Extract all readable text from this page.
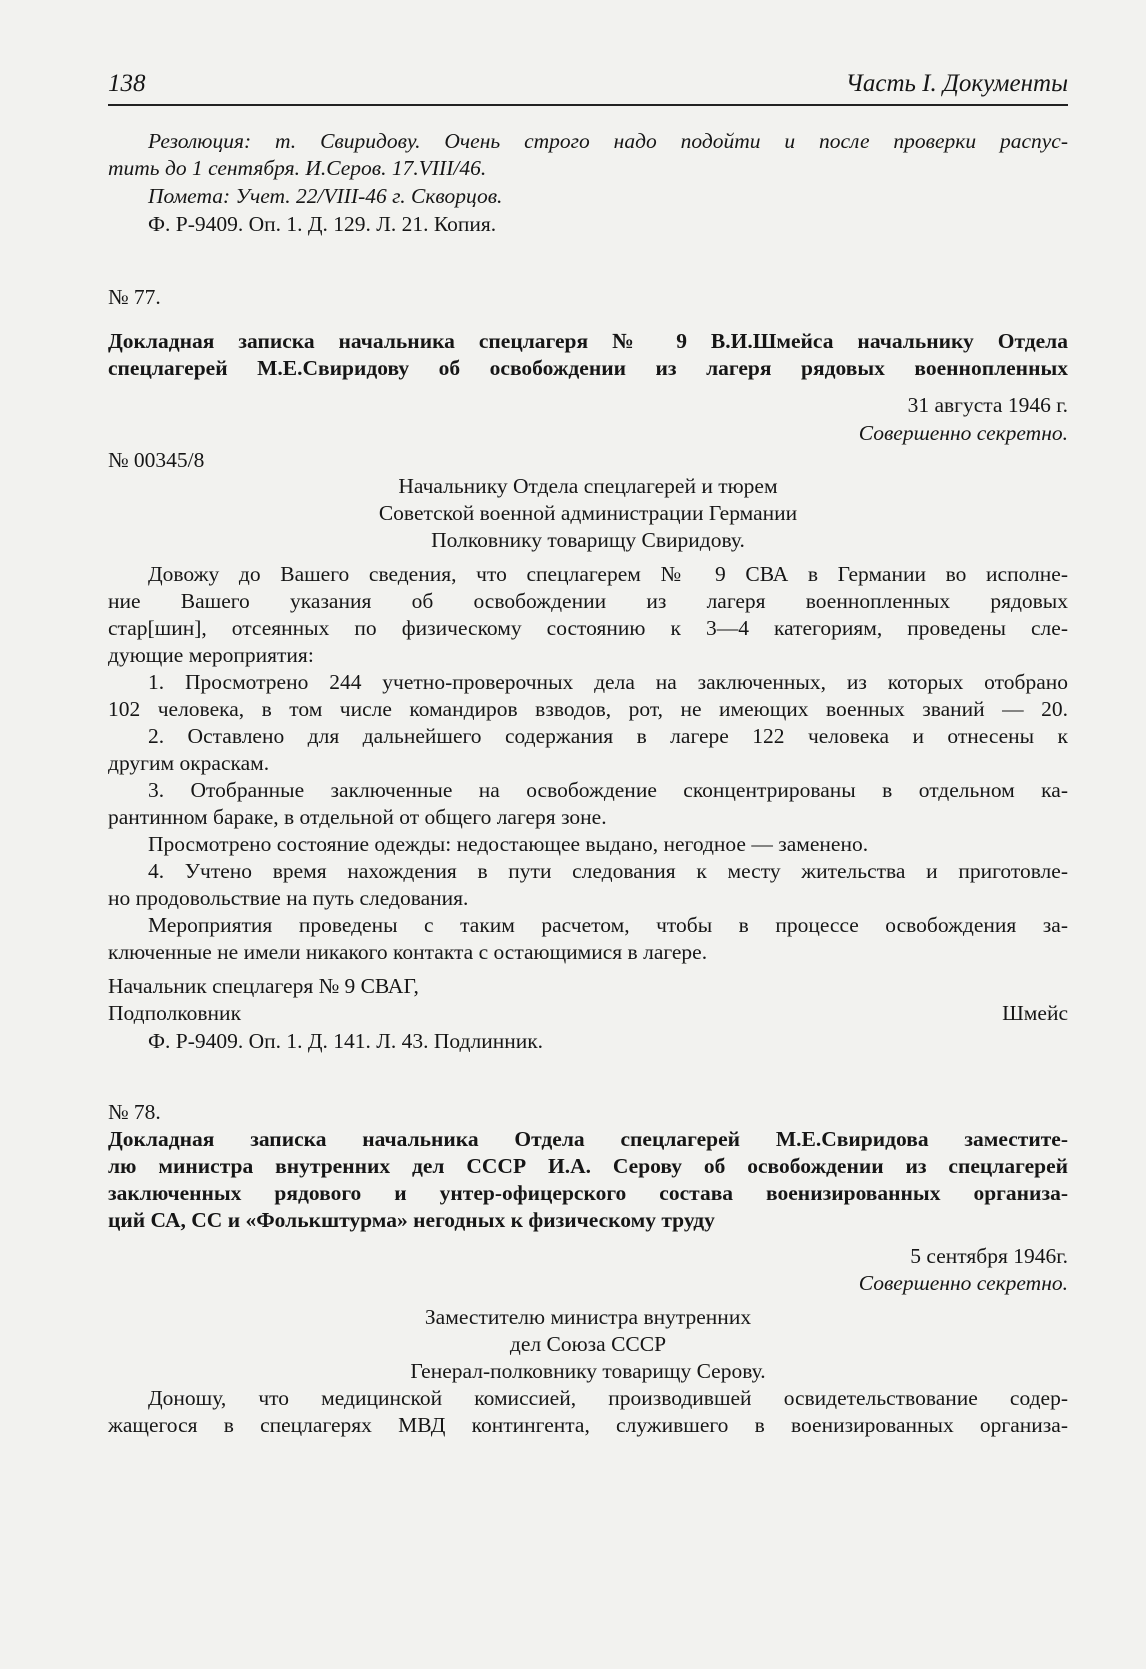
138	Часть I. Документы
Резолюция: т. Свиридову. Очень строго надо подойти и после проверки распус-
тить до 1 сентября. И.Серов. 17.VIII/46.
Помета: Учет. 22/VIII-46 г. Скворцов.
Ф. Р-9409. Оп. 1. Д. 129. Л. 21. Копия.
№ 77.
Докладная записка начальника спецлагеря № 9 В.И.Шмейса начальнику Отдела
спецлагерей М.Е.Свиридову об освобождении из лагеря рядовых военнопленных
31 августа 1946 г.
Совершенно секретно.
№ 00345/8
Начальнику Отдела спецлагерей и тюрем
Советской военной администрации Германии
Полковнику товарищу Свиридову.
Довожу до Вашего сведения, что спецлагерем № 9 СВА в Германии во исполне-
ние Вашего указания об освобождении из лагеря военнопленных рядовых
стар[шин], отсеянных по физическому состоянию к 3—4 категориям, проведены сле-
дующие мероприятия:
1. Просмотрено 244 учетно-проверочных дела на заключенных, из которых отобрано
102 человека, в том числе командиров взводов, рот, не имеющих военных званий — 20.
2. Оставлено для дальнейшего содержания в лагере 122 человека и отнесены к
другим окраскам.
3. Отобранные заключенные на освобождение сконцентрированы в отдельном ка-
рантинном бараке, в отдельной от общего лагеря зоне.
Просмотрено состояние одежды: недостающее выдано, негодное — заменено.
4. Учтено время нахождения в пути следования к месту жительства и приготовле-
но продовольствие на путь следования.
Мероприятия проведены с таким расчетом, чтобы в процессе освобождения за-
ключенные не имели никакого контакта с остающимися в лагере.
Начальник спецлагеря № 9 СВАГ,
Подполковник	Шмейс
Ф. Р-9409. Оп. 1. Д. 141. Л. 43. Подлинник.
№ 78.
Докладная записка начальника Отдела спецлагерей М.Е.Свиридова заместите-
лю министра внутренних дел СССР И.А. Серову об освобождении из спецлагерей
заключенных рядового и унтер-офицерского состава военизированных организа-
ций СА, СС и «Фолькштурма» негодных к физическому труду
5 сентября 1946г.
Совершенно секретно.
Заместителю министра внутренних
дел Союза СССР
Генерал-полковнику товарищу Серову.
Доношу, что медицинской комиссией, производившей освидетельствование содер-
жащегося в спецлагерях МВД контингента, служившего в военизированных организа-
